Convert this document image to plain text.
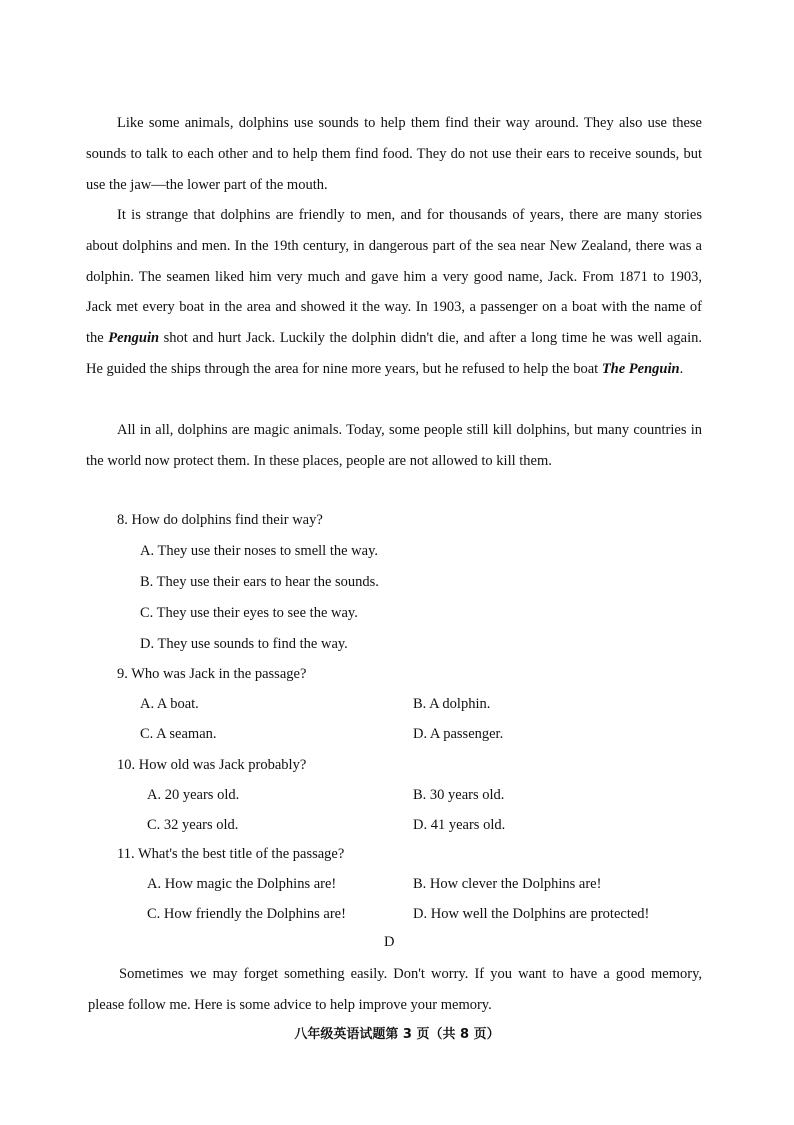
Like some animals, dolphins use sounds to help them find their way around. They also use these sounds to talk to each other and to help them find food. They do not use their ears to receive sounds, but use the jaw—the lower part of the mouth.

It is strange that dolphins are friendly to men, and for thousands of years, there are many stories about dolphins and men. In the 19th century, in dangerous part of the sea near New Zealand, there was a dolphin. The seamen liked him very much and gave him a very good name, Jack. From 1871 to 1903, Jack met every boat in the area and showed it the way. In 1903, a passenger on a boat with the name of the Penguin shot and hurt Jack. Luckily the dolphin didn't die, and after a long time he was well again. He guided the ships through the area for nine more years, but he refused to help the boat The Penguin.

All in all, dolphins are magic animals. Today, some people still kill dolphins, but many countries in the world now protect them. In these places, people are not allowed to kill them.

8. How do dolphins find their way?
A. They use their noses to smell the way.
B. They use their ears to hear the sounds.
C. They use their eyes to see the way.
D. They use sounds to find the way.
9. Who was Jack in the passage?
A. A boat.	B. A dolphin.
C. A seaman.	D. A passenger.
10. How old was Jack probably?
A. 20 years old.	B. 30 years old.
C. 32 years old.	D. 41 years old.
11. What's the best title of the passage?
A. How magic the Dolphins are!	B. How clever the Dolphins are!
C. How friendly the Dolphins are!	D. How well the Dolphins are protected!
D

Sometimes we may forget something easily. Don't worry. If you want to have a good memory, please follow me. Here is some advice to help improve your memory.

八年级英语试题第 3 页（共 8 页）
